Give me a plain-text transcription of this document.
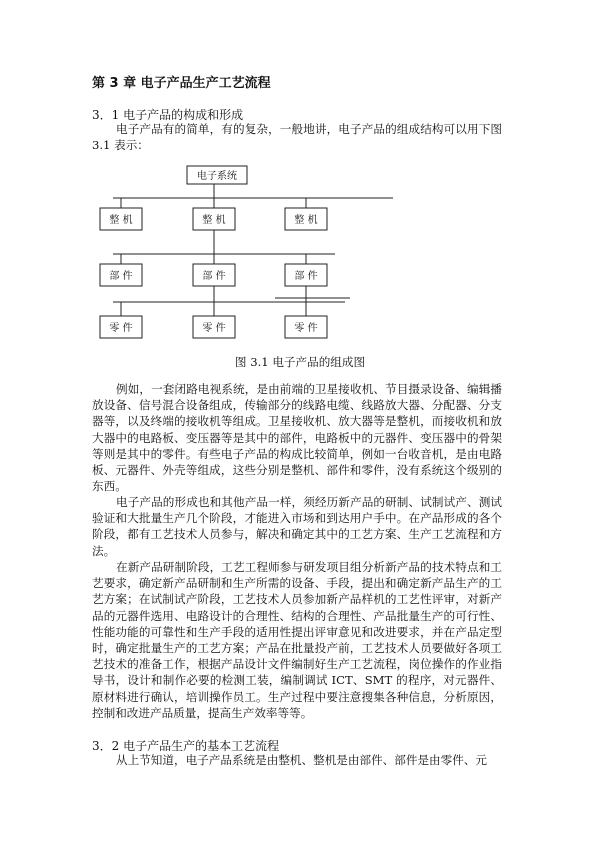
第 3 章 电子产品生产工艺流程
3．1 电子产品的构成和形成

电子产品有的简单，有的复杂，一般地讲，电子产品的组成结构可以用下图 3.1 表示：

电子系统
整 机	整 机	整 机
部 件	部 件	部 件
零 件	零 件	零 件
图 3.1 电子产品的组成图

例如，一套闭路电视系统，是由前端的卫星接收机、节目摄录设备、编辑播放设备、信号混合设备组成，传输部分的线路电缆、线路放大器、分配器、分支器等，以及终端的接收机等组成。卫星接收机、放大器等是整机，而接收机和放大器中的电路板、变压器等是其中的部件，电路板中的元器件、变压器中的骨架等则是其中的零件。有些电子产品的构成比较简单，例如一台收音机，是由电路板、元器件、外壳等组成，这些分别是整机、部件和零件，没有系统这个级别的东西。

电子产品的形成也和其他产品一样，须经历新产品的研制、试制试产、测试验证和大批量生产几个阶段，才能进入市场和到达用户手中。在产品形成的各个阶段，都有工艺技术人员参与，解决和确定其中的工艺方案、生产工艺流程和方法。

在新产品研制阶段，工艺工程师参与研发项目组分析新产品的技术特点和工艺要求，确定新产品研制和生产所需的设备、手段，提出和确定新产品生产的工艺方案；在试制试产阶段，工艺技术人员参加新产品样机的工艺性评审，对新产品的元器件选用、电路设计的合理性、结构的合理性、产品批量生产的可行性、性能功能的可靠性和生产手段的适用性提出评审意见和改进要求，并在产品定型时，确定批量生产的工艺方案；产品在批量投产前，工艺技术人员要做好各项工艺技术的准备工作，根据产品设计文件编制好生产工艺流程，岗位操作的作业指导书，设计和制作必要的检测工装，编制调试 ICT、SMT 的程序，对元器件、原材料进行确认，培训操作员工。生产过程中要注意搜集各种信息，分析原因，控制和改进产品质量，提高生产效率等等。

3．2 电子产品生产的基本工艺流程

从上节知道，电子产品系统是由整机、整机是由部件、部件是由零件、元
